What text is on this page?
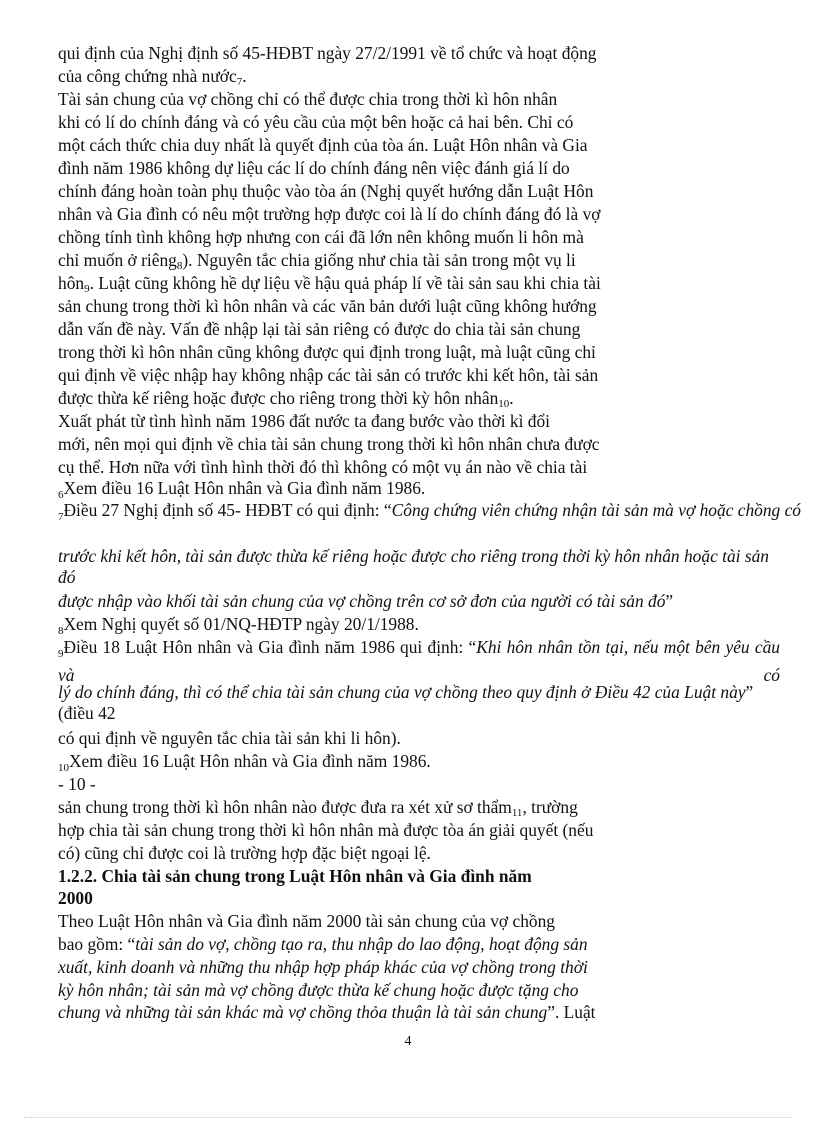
qui định của Nghị định số 45-HĐBT ngày 27/2/1991 về tổ chức và hoạt động
của công chứng nhà nước$_7$.
Tài sản chung của vợ chồng chỉ có thể được chia trong thời kì hôn nhân
khi có lí do chính đáng và có yêu cầu của một bên hoặc cả hai bên. Chỉ có
một cách thức chia duy nhất là quyết định của tòa án. Luật Hôn nhân và Gia
đình năm 1986 không dự liệu các lí do chính đáng nên việc đánh giá lí do
chính đáng hoàn toàn phụ thuộc vào tòa án (Nghị quyết hướng dẫn Luật Hôn
nhân và Gia đình có nêu một trường hợp được coi là lí do chính đáng đó là vợ
chồng tính tình không hợp nhưng con cái đã lớn nên không muốn li hôn mà
chỉ muốn ở riêng$_8$). Nguyên tắc chia giống như chia tài sản trong một vụ li
hôn$_9$. Luật cũng không hề dự liệu về hậu quả pháp lí về tài sản sau khi chia tài
sản chung trong thời kì hôn nhân và các văn bản dưới luật cũng không hướng
dẫn vấn đề này. Vấn đề nhập lại tài sản riêng có được do chia tài sản chung
trong thời kì hôn nhân cũng không được qui định trong luật, mà luật cũng chỉ
qui định về việc nhập hay không nhập các tài sản có trước khi kết hôn, tài sản
được thừa kế riêng hoặc được cho riêng trong thời kỳ hôn nhân$_{10}$.
Xuất phát từ tình hình năm 1986 đất nước ta đang bước vào thời kì đổi
mới, nên mọi qui định về chia tài sản chung trong thời kì hôn nhân chưa được
cụ thể. Hơn nữa với tình hình thời đó thì không có một vụ án nào về chia tài
$_6$Xem điều 16 Luật Hôn nhân và Gia đình năm 1986.
$_7$Điều 27 Nghị định số 45- HĐBT có qui định: “Công chứng viên chứng nhận tài sản mà vợ hoặc chồng có
trước khi kết hôn, tài sản được thừa kế riêng hoặc được cho riêng trong thời kỳ hôn nhân hoặc tài sản đó
được nhập vào khối tài sản chung của vợ chồng trên cơ sở đơn của người có tài sản đó”
$_8$Xem Nghị quyết số 01/NQ-HĐTP ngày 20/1/1988.
$_9$Điều 18 Luật Hôn nhân và Gia đình năm 1986 qui định: “Khi hôn nhân tồn tại, nếu một bên yêu cầu và có
lý do chính đáng, thì có thể chia tài sản chung của vợ chồng theo quy định ở Điều 42 của Luật này” (điều 42
có qui định về nguyên tắc chia tài sản khi li hôn).
$_{10}$Xem điều 16 Luật Hôn nhân và Gia đình năm 1986.
- 10 -
sản chung trong thời kì hôn nhân nào được đưa ra xét xử sơ thẩm$_{11}$, trường
hợp chia tài sản chung trong thời kì hôn nhân mà được tòa án giải quyết (nếu
có) cũng chỉ được coi là trường hợp đặc biệt ngoại lệ.
1.2.2. Chia tài sản chung trong Luật Hôn nhân và Gia đình năm
2000
Theo Luật Hôn nhân và Gia đình năm 2000 tài sản chung của vợ chồng
bao gồm: “tài sản do vợ, chồng tạo ra, thu nhập do lao động, hoạt động sản
xuất, kinh doanh và những thu nhập hợp pháp khác của vợ chồng trong thời
kỳ hôn nhân; tài sản mà vợ chồng được thừa kế chung hoặc được tặng cho
chung và những tài sản khác mà vợ chồng thỏa thuận là tài sản chung”. Luật
4
